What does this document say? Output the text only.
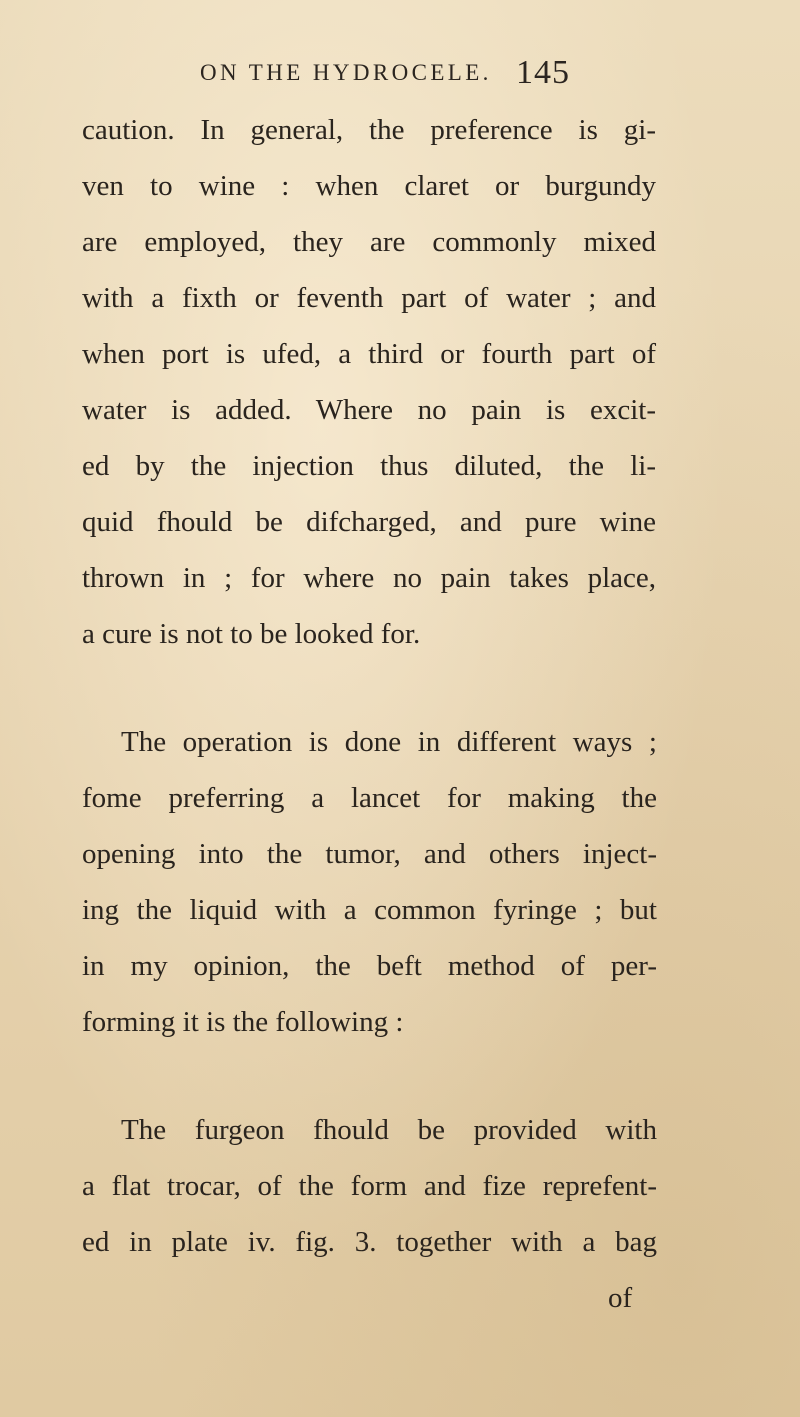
ON THE HYDROCELE. 145
caution. In general, the preference is gi-
ven to wine : when claret or burgundy
are employed, they are commonly mixed
with a fixth or feventh part of water ; and
when port is ufed, a third or fourth part of
water is added. Where no pain is excit-
ed by the injection thus diluted, the li-
quid fhould be difcharged, and pure wine
thrown in ; for where no pain takes place,
a cure is not to be looked for.
The operation is done in different ways ;
fome preferring a lancet for making the
opening into the tumor, and others inject-
ing the liquid with a common fyringe ; but
in my opinion, the beft method of per-
forming it is the following :
The furgeon fhould be provided with
a flat trocar, of the form and fize reprefent-
ed in plate iv. fig. 3. together with a bag
of
